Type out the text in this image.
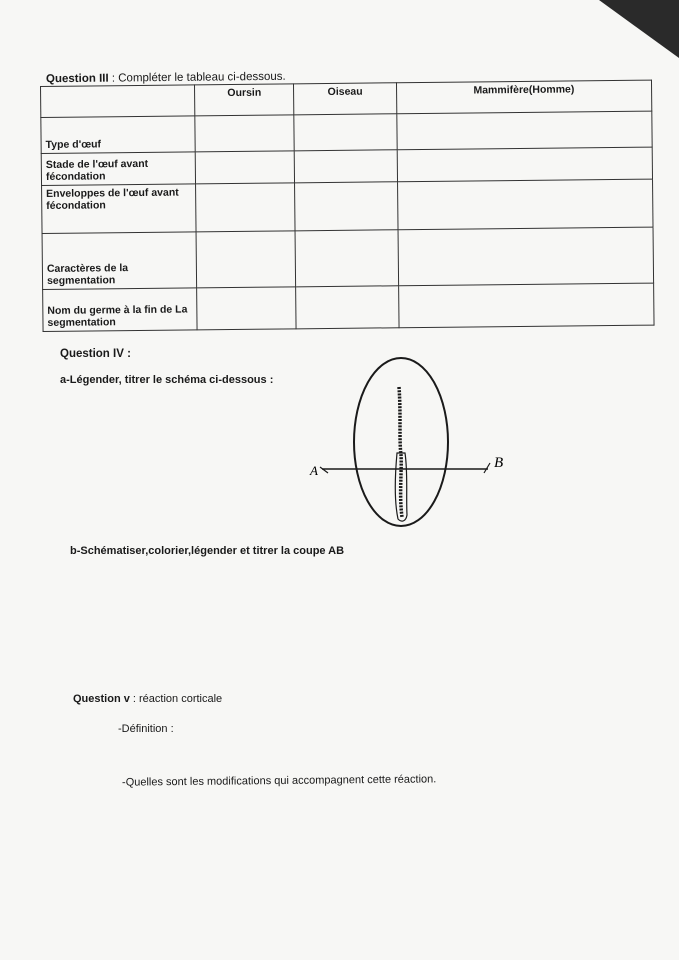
Question III : Compléter le tableau ci-dessous.
	Oursin	Oiseau	Mammifère(Homme)
Type d'œuf			
Stade de l'œuf avant fécondation			
Enveloppes de l'œuf avant fécondation			
Caractères de la segmentation			
Nom du germe à la fin de La segmentation			
Question IV :
a-Légender, titrer le schéma ci-dessous :
A	B
b-Schématiser,colorier,légender et titrer la coupe AB
Question v : réaction corticale
-Définition :
-Quelles sont les modifications qui accompagnent cette réaction.
